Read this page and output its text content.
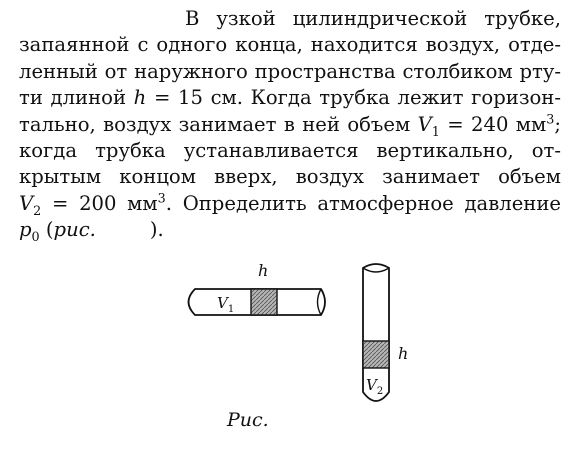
В узкой цилиндрической трубке,
запаянной с одного конца, находится воздух, отде-
ленный от наружного пространства столбиком рту-
ти длиной h = 15 см. Когда трубка лежит горизон-
тально, воздух занимает в ней объем $V_1 = 240$ $мм^3$;
когда трубка устанавливается вертикально, от-
крытым концом вверх, воздух занимает объем
$V_2 = 200$ $мм^3$. Определить атмосферное давление
$p_0$ (рис.	).
$V_1$
h
h
$V_2$
Рис.
